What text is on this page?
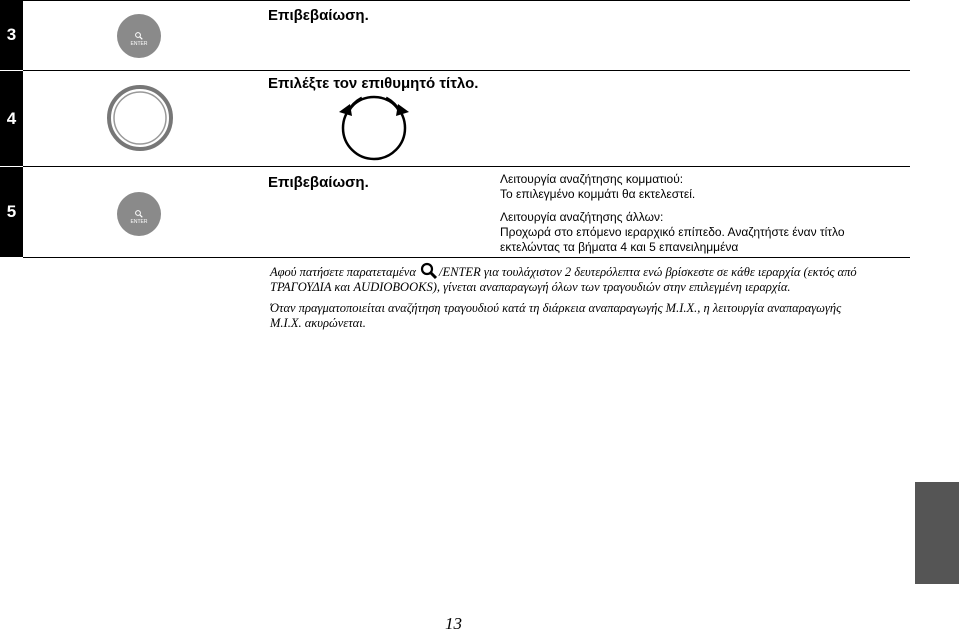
3	ENTER
Επιβεβαίωση.
4
Επιλέξτε τον επιθυμητό τίτλο.
5
ENTER
Επιβεβαίωση.	Λειτουργία αναζήτησης κομματιού:
Το επιλεγμένο κομμάτι θα εκτελεστεί.
Λειτουργία αναζήτησης άλλων:
Προχωρά στο επόμενο ιεραρχικό επίπεδο. Αναζητήστε έναν τίτλο
εκτελώντας τα βήματα 4 και 5 επανειλημμένα
Αφού πατήσετε παρατεταμένα /ENTER για τουλάχιστον 2 δευτερόλεπτα ενώ βρίσκεστε σε κάθε ιεραρχία (εκτός από
ΤΡΑΓΟΥΔΙΑ και AUDIOBOOKS), γίνεται αναπαραγωγή όλων των τραγουδιών στην επιλεγμένη ιεραρχία.
Όταν πραγματοποιείται αναζήτηση τραγουδιού κατά τη διάρκεια αναπαραγωγής M.I.X., η λειτουργία αναπαραγωγής
M.I.X. ακυρώνεται.
13
